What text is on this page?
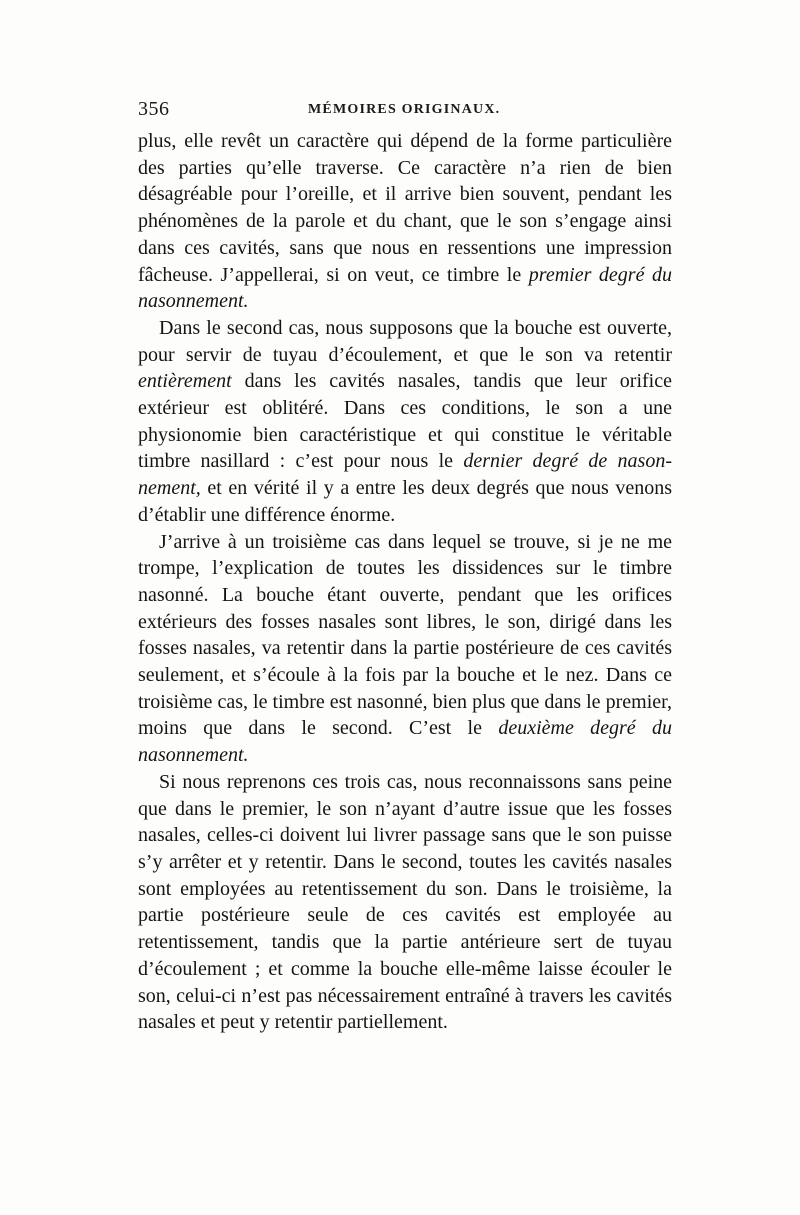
356	MÉMOIRES ORIGINAUX.

plus, elle revêt un caractère qui dépend de la forme particulière des parties qu’elle traverse. Ce caractère n’a rien de bien désagréable pour l’oreille, et il arrive bien souvent, pendant les phénomènes de la parole et du chant, que le son s’engage ainsi dans ces cavités, sans que nous en ressentions une impression fâcheuse. J’appellerai, si on veut, ce timbre le premier degré du nasonnement.

Dans le second cas, nous supposons que la bouche est ouverte, pour servir de tuyau d’écoulement, et que le son va retentir entièrement dans les cavités nasales, tandis que leur orifice extérieur est oblitéré. Dans ces conditions, le son a une physionomie bien caractéristique et qui constitue le véritable timbre nasillard : c’est pour nous le dernier degré de nasonnement, et en vérité il y a entre les deux degrés que nous venons d’établir une différence énorme.

J’arrive à un troisième cas dans lequel se trouve, si je ne me trompe, l’explication de toutes les dissidences sur le timbre nasonné. La bouche étant ouverte, pendant que les orifices extérieurs des fosses nasales sont libres, le son, dirigé dans les fosses nasales, va retentir dans la partie postérieure de ces cavités seulement, et s’écoule à la fois par la bouche et le nez. Dans ce troisième cas, le timbre est nasonné, bien plus que dans le premier, moins que dans le second. C’est le deuxième degré du nasonnement.

Si nous reprenons ces trois cas, nous reconnaissons sans peine que dans le premier, le son n’ayant d’autre issue que les fosses nasales, celles-ci doivent lui livrer passage sans que le son puisse s’y arrêter et y retentir. Dans le second, toutes les cavités nasales sont employées au retentissement du son. Dans le troisième, la partie postérieure seule de ces cavités est employée au retentissement, tandis que la partie antérieure sert de tuyau d’écoulement ; et comme la bouche elle-même laisse écouler le son, celui-ci n’est pas nécessairement entraîné à travers les cavités nasales et peut y retentir partiellement.
